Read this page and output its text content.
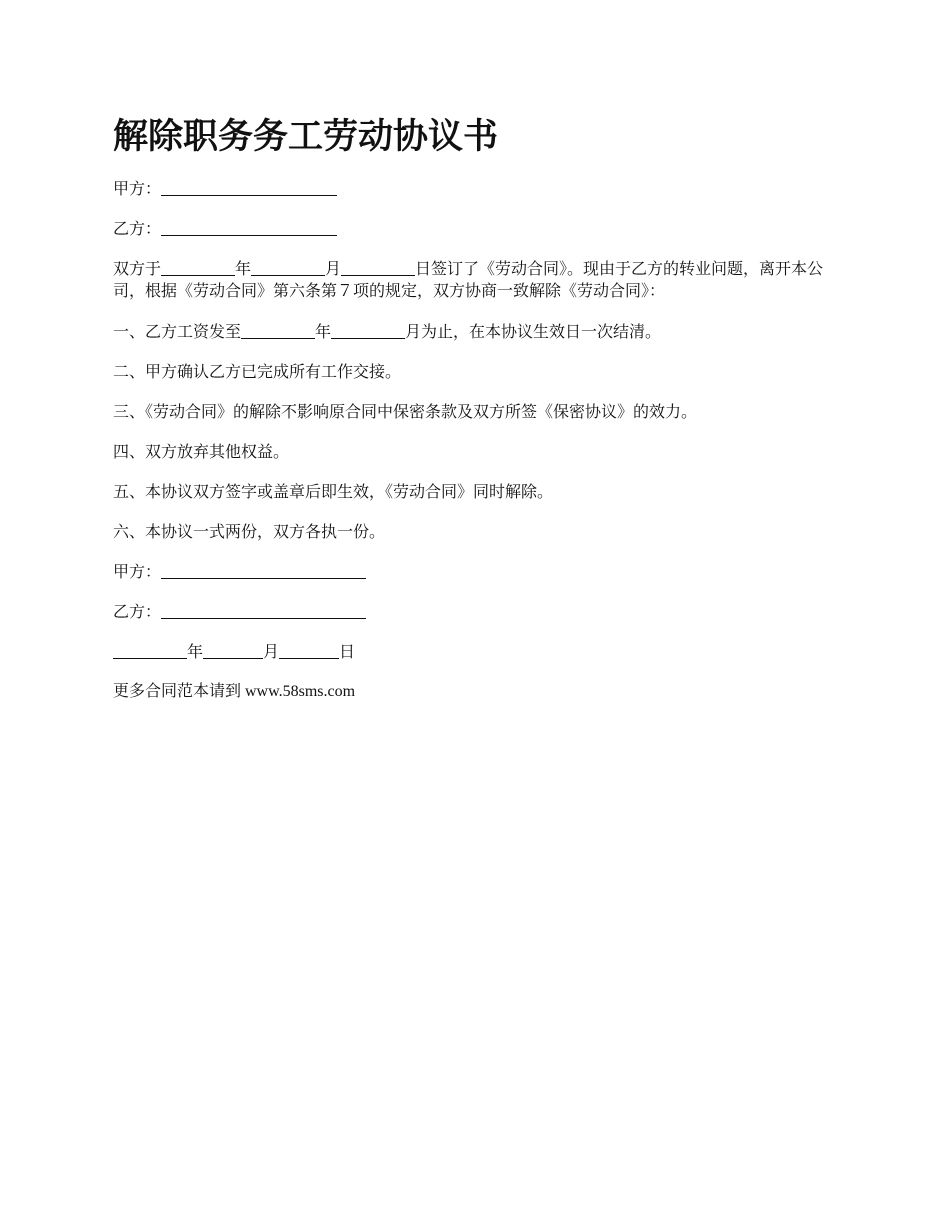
解除职务务工劳动协议书
甲方：
乙方：
双方于	年	月	日签订了《劳动合同》。现由于乙方的转业问题，离开本公司，根据《劳动合同》第六条第７项的规定，双方协商一致解除《劳动合同》：
一、乙方工资发至	年	月为止，在本协议生效日一次结清。
二、甲方确认乙方已完成所有工作交接。
三、《劳动合同》的解除不影响原合同中保密条款及双方所签《保密协议》的效力。
四、双方放弃其他权益。
五、本协议双方签字或盖章后即生效，《劳动合同》同时解除。
六、本协议一式两份，双方各执一份。
甲方：
乙方：
年	月	日
更多合同范本请到 www.58sms.com
